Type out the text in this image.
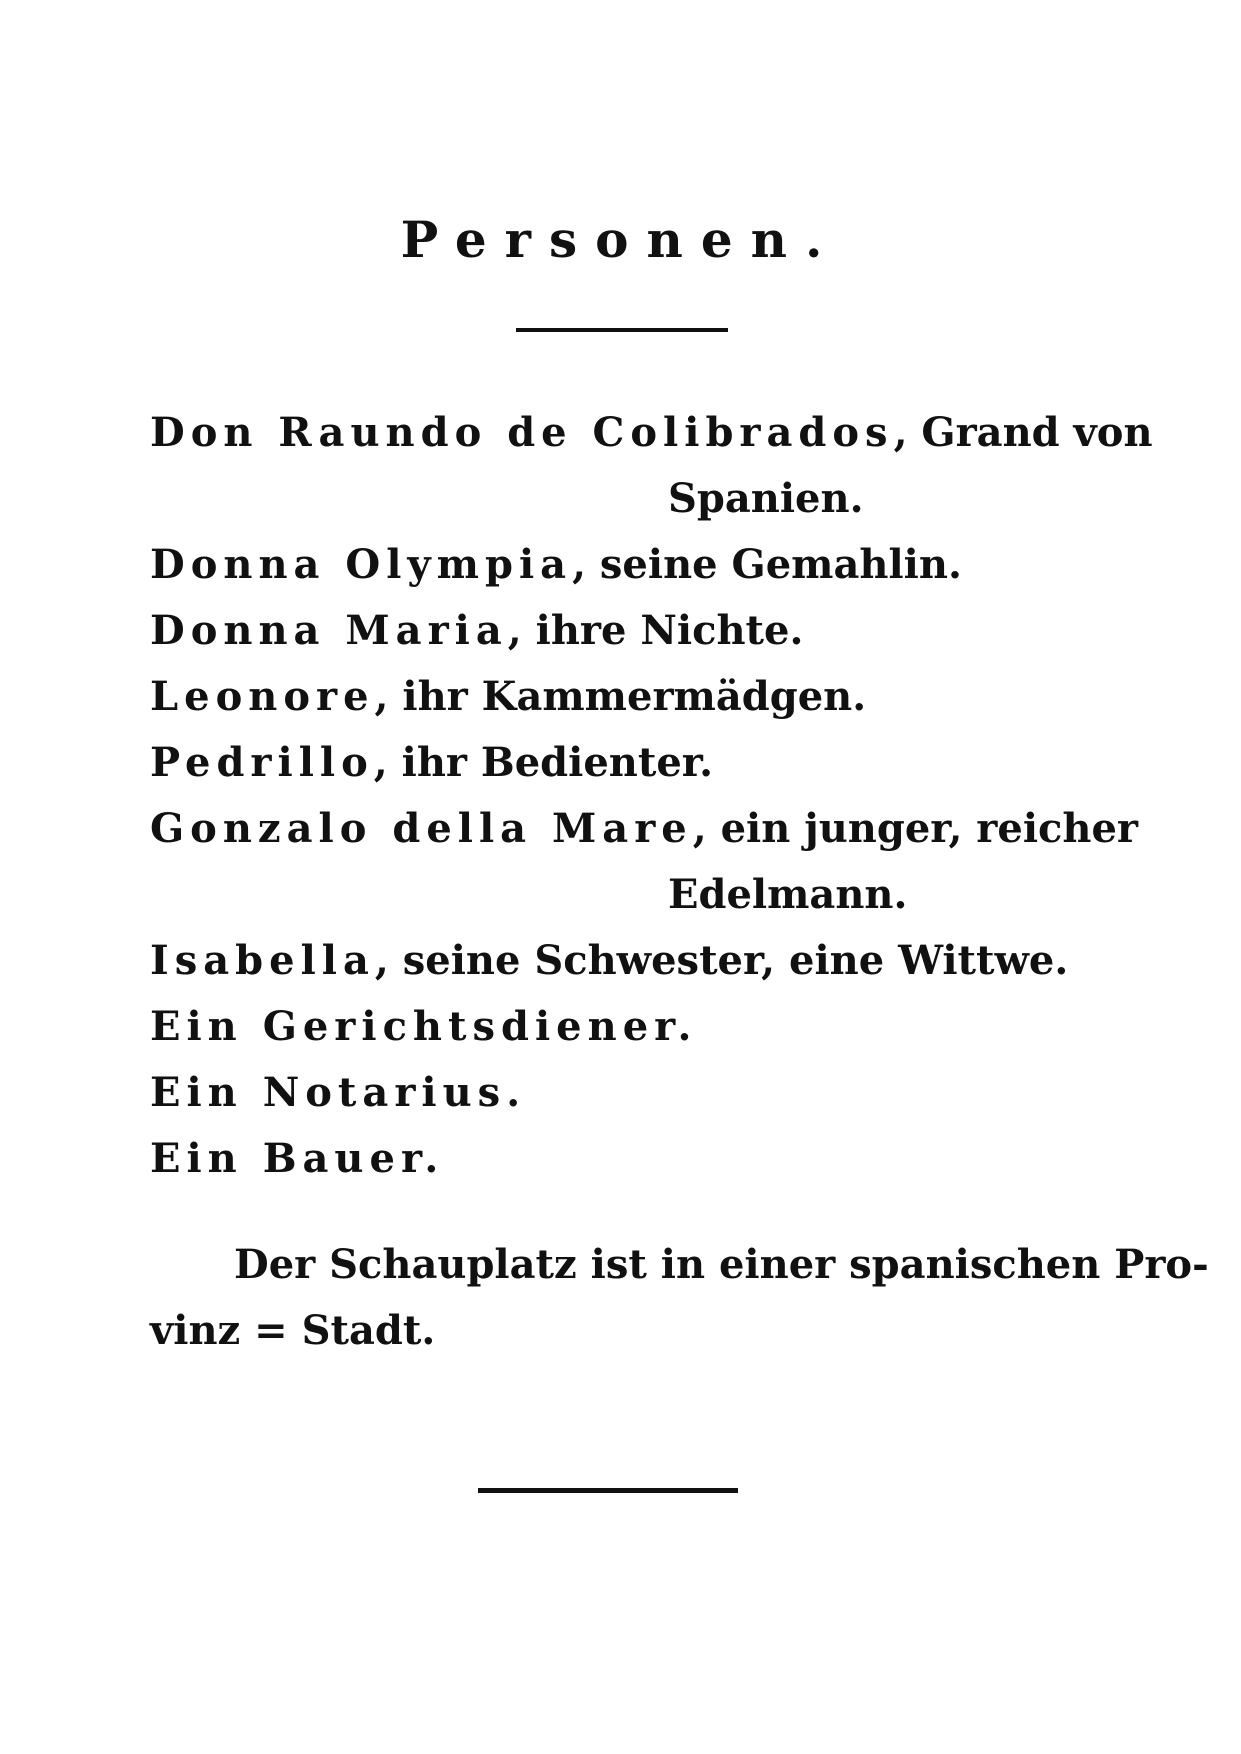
Personen.
Don Raundo de Colibrados, Grand von
Spanien.
Donna Olympia, seine Gemahlin.
Donna Maria, ihre Nichte.
Leonore, ihr Kammermädgen.
Pedrillo, ihr Bedienter.
Gonzalo della Mare, ein junger, reicher
Edelmann.
Isabella, seine Schwester, eine Wittwe.
Ein Gerichtsdiener.
Ein Notarius.
Ein Bauer.
Der Schauplatz ist in einer spanischen Pro-
vinz = Stadt.
